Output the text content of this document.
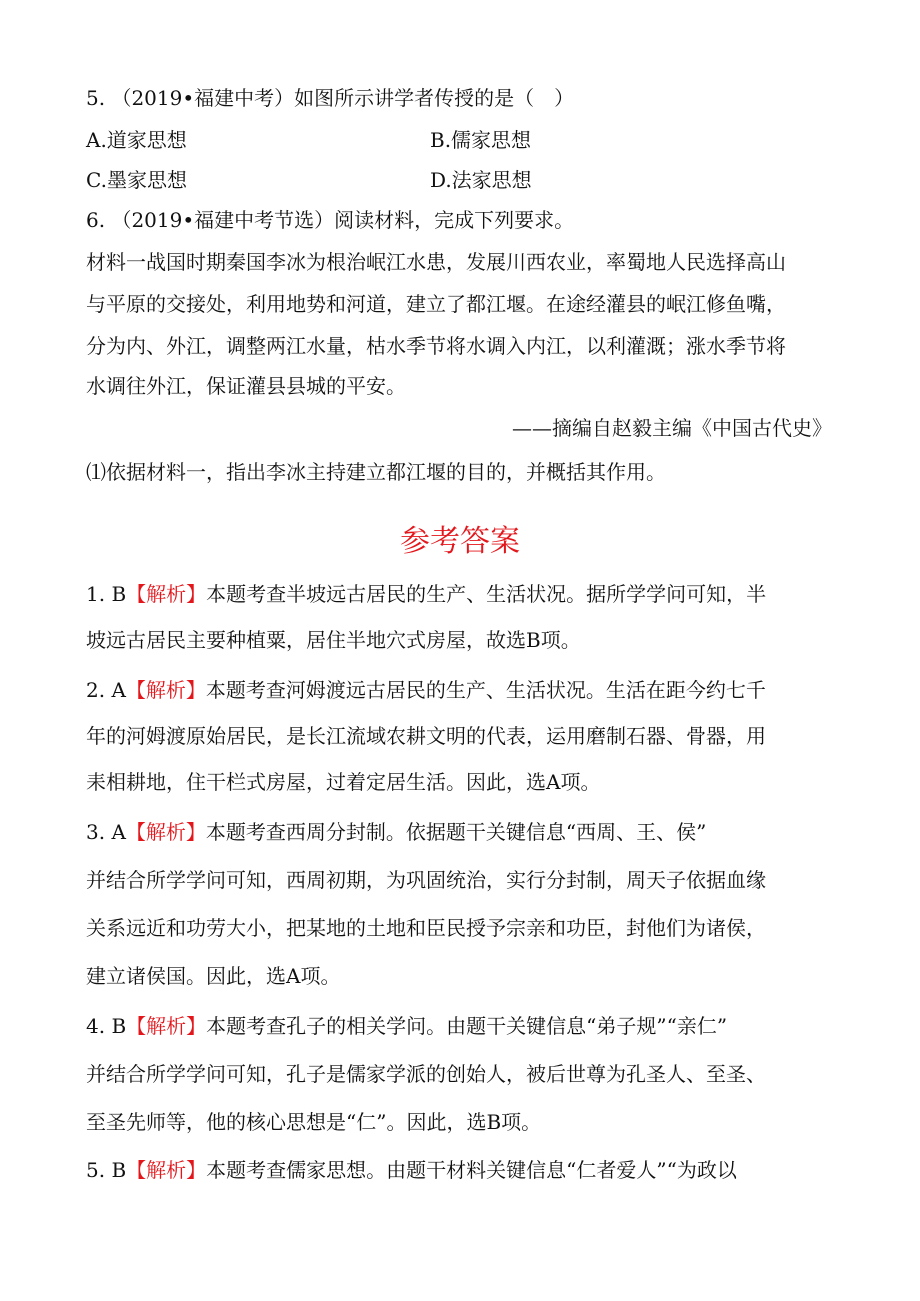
5. （2019•福建中考）如图所示讲学者传授的是（　）
A.道家思想	B.儒家思想
C.墨家思想	D.法家思想
6. （2019•福建中考节选）阅读材料，完成下列要求。
材料一战国时期秦国李冰为根治岷江水患，发展川西农业，率蜀地人民选择高山
与平原的交接处，利用地势和河道，建立了都江堰。在途经灌县的岷江修鱼嘴，
分为内、外江，调整两江水量，枯水季节将水调入内江，以利灌溉；涨水季节将
水调往外江，保证灌县县城的平安。
——摘编自赵毅主编《中国古代史》
⑴依据材料一，指出李冰主持建立都江堰的目的，并概括其作用。
参考答案
1. B【解析】本题考查半坡远古居民的生产、生活状况。据所学学问可知，半
坡远古居民主要种植粟，居住半地穴式房屋，故选B项。
2. A【解析】本题考查河姆渡远古居民的生产、生活状况。生活在距今约七千
年的河姆渡原始居民，是长江流域农耕文明的代表，运用磨制石器、骨器，用
耒相耕地，住干栏式房屋，过着定居生活。因此，选A项。
3. A【解析】本题考查西周分封制。依据题干关键信息“西周、王、侯”
并结合所学学问可知，西周初期，为巩固统治，实行分封制，周天子依据血缘
关系远近和功劳大小，把某地的土地和臣民授予宗亲和功臣，封他们为诸侯，
建立诸侯国。因此，选A项。
4. B【解析】本题考查孔子的相关学问。由题干关键信息“弟子规”“亲仁”
并结合所学学问可知，孔子是儒家学派的创始人，被后世尊为孔圣人、至圣、
至圣先师等，他的核心思想是“仁”。因此，选B项。
5. B【解析】本题考查儒家思想。由题干材料关键信息“仁者爱人”“为政以
